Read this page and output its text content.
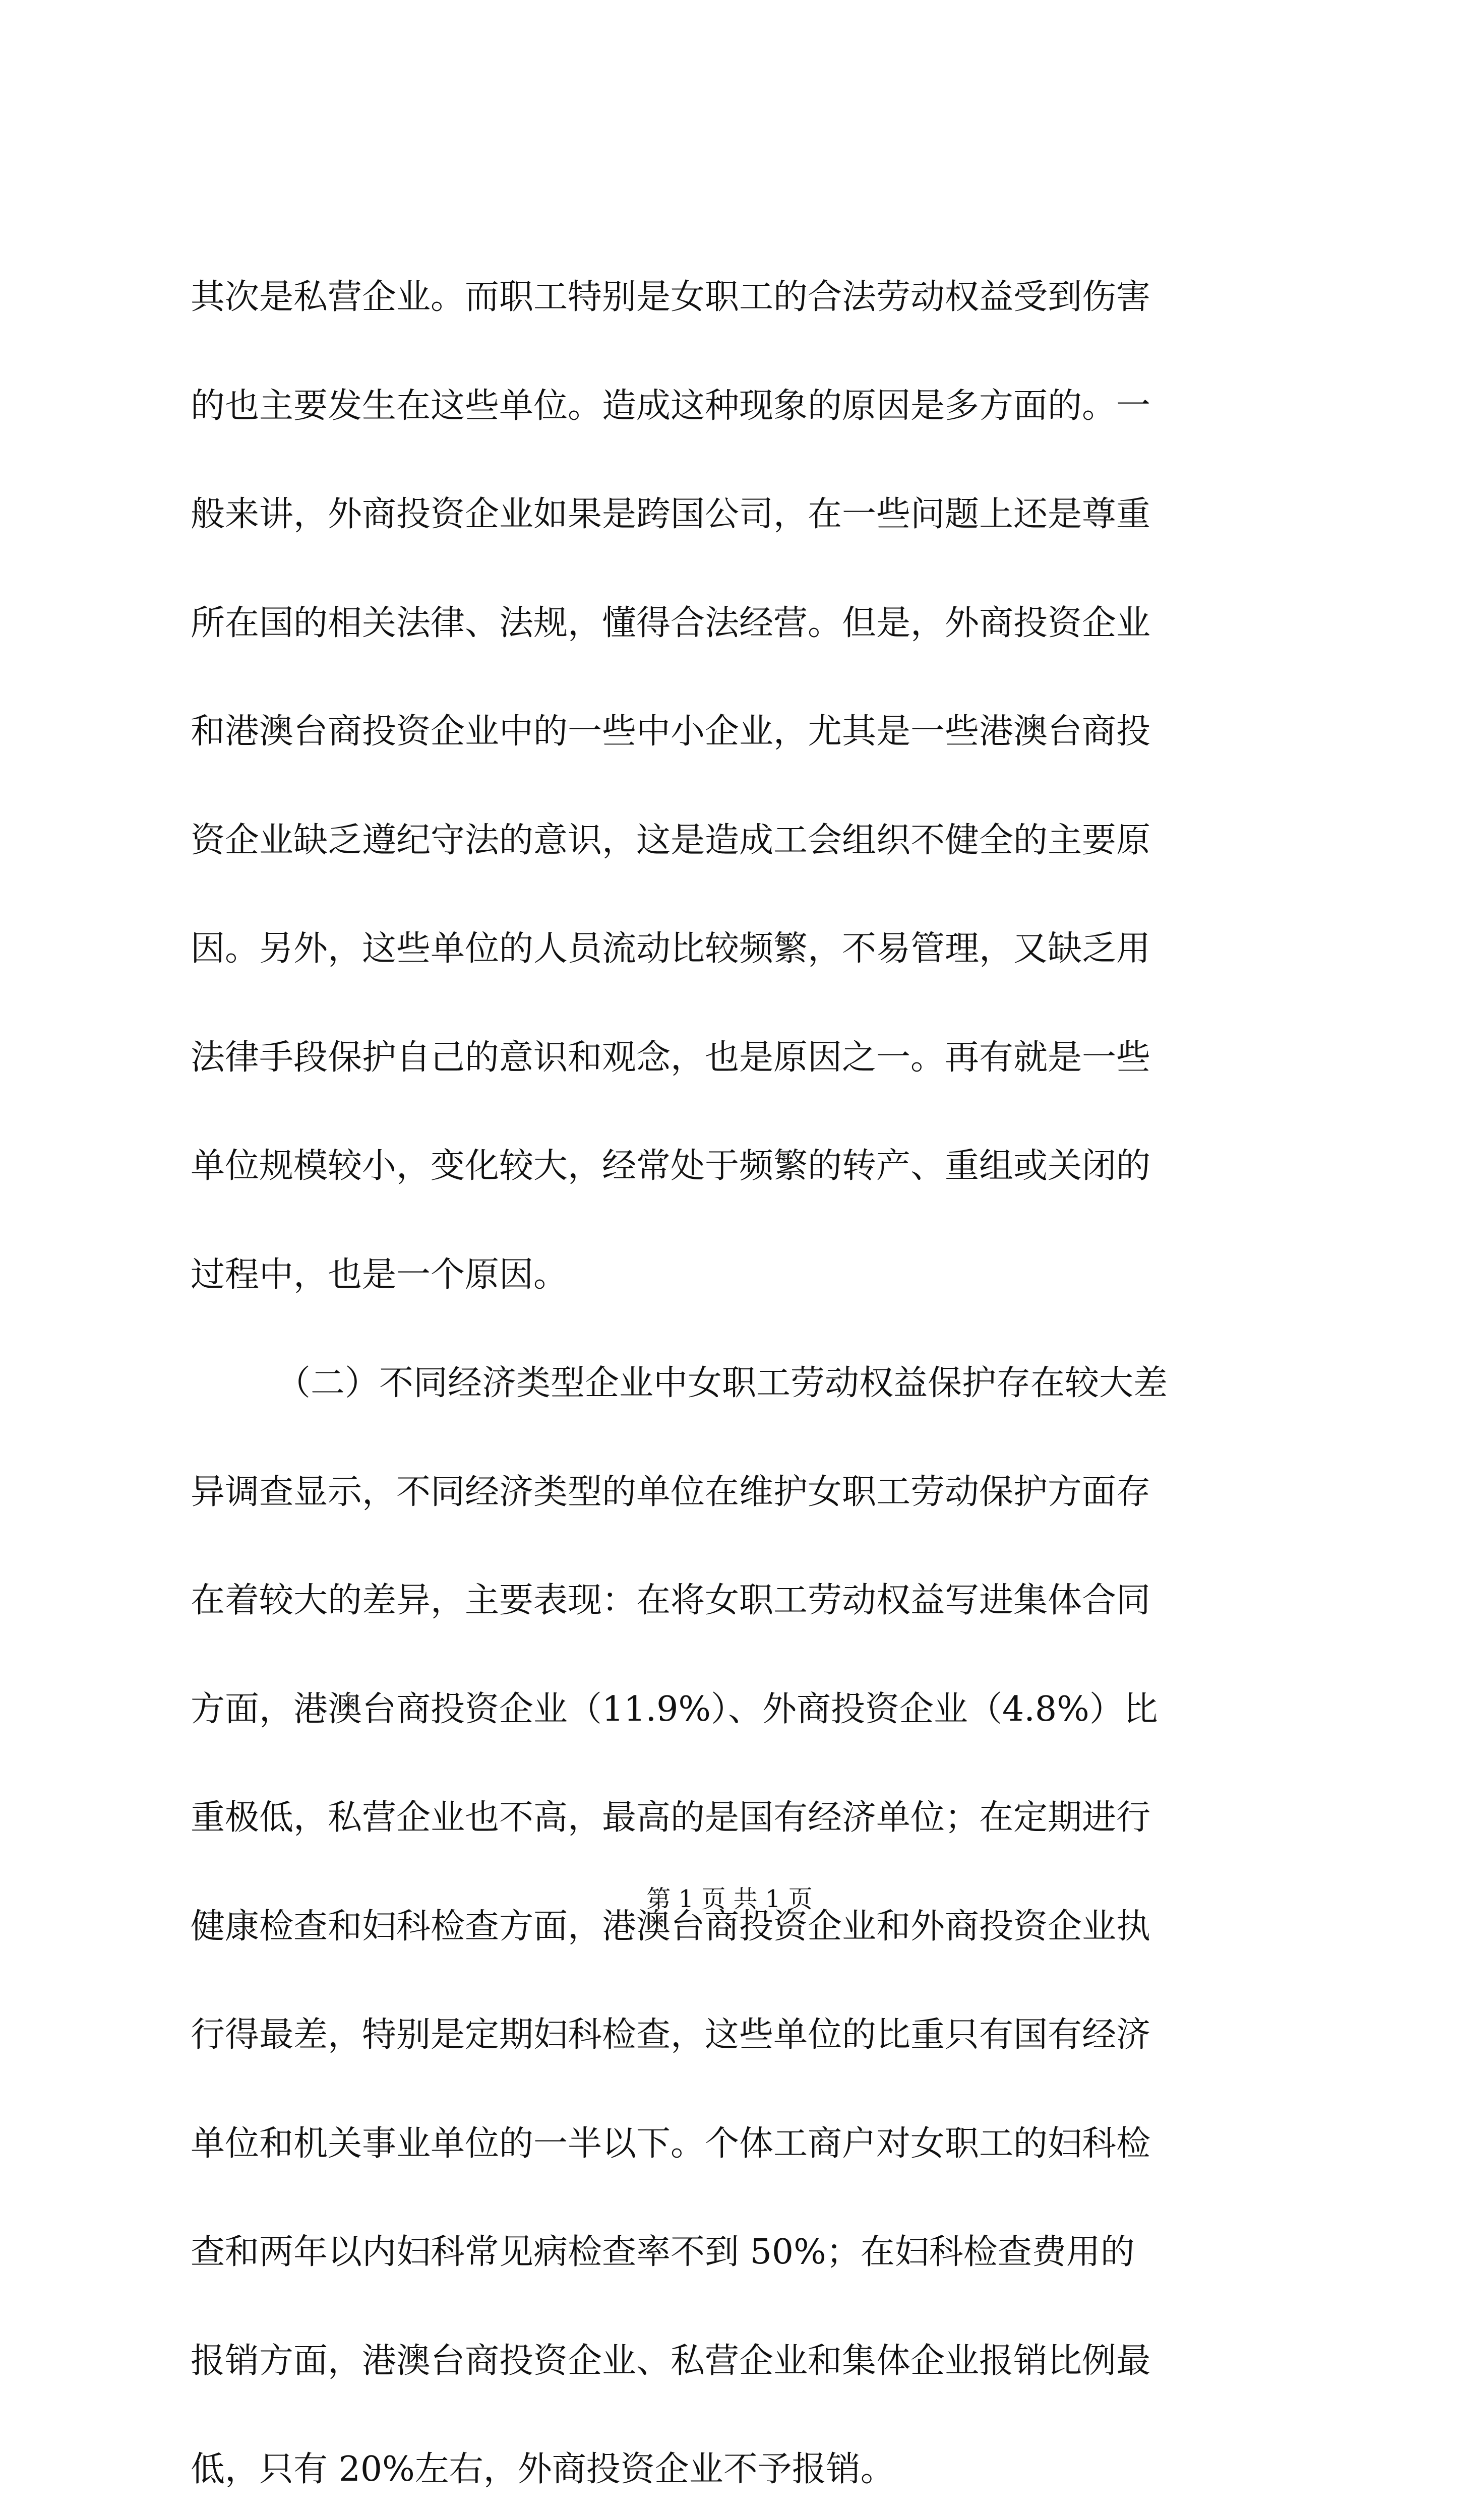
其次是私营企业。而职工特别是女职工的合法劳动权益受到伤害
的也主要发生在这些单位。造成这种现象的原因是多方面的。一
般来讲，外商投资企业如果是跨国公司，在一些问题上还是尊重
所在国的相关法律、法规，懂得合法经营。但是，外商投资企业
和港澳台商投资企业中的一些中小企业，尤其是一些港澳台商投
资企业缺乏遵纪守法的意识，这是造成工会组织不健全的主要原
因。另外，这些单位的人员流动比较频繁，不易管理，又缺乏用
法律手段保护自己的意识和观念，也是原因之一。再有就是一些
单位规模较小，变化较大，经常处于频繁的转产、重组或关闭的
过程中，也是一个原因。
（二）不同经济类型企业中女职工劳动权益保护存在较大差
异调查显示，不同经济类型的单位在维护女职工劳动保护方面存
在着较大的差异，主要表现：在将女职工劳动权益写进集体合同
方面，港澳台商投资企业（11.9%）、外商投资企业（4.8%）比
重极低，私营企业也不高，最高的是国有经济单位；在定期进行
健康检查和妇科检查方面，港澳台商投资企业和外商投资企业执
行得最差，特别是定期妇科检查，这些单位的比重只有国有经济
单位和机关事业单位的一半以下。个体工商户对女职工的妇科检
查和两年以内妇科常见病检查率不到 50%；在妇科检查费用的
报销方面，港澳台商投资企业、私营企业和集体企业报销比例最
低，只有 20%左右，外商投资企业不予报销。
第 1 页 共 1 页
